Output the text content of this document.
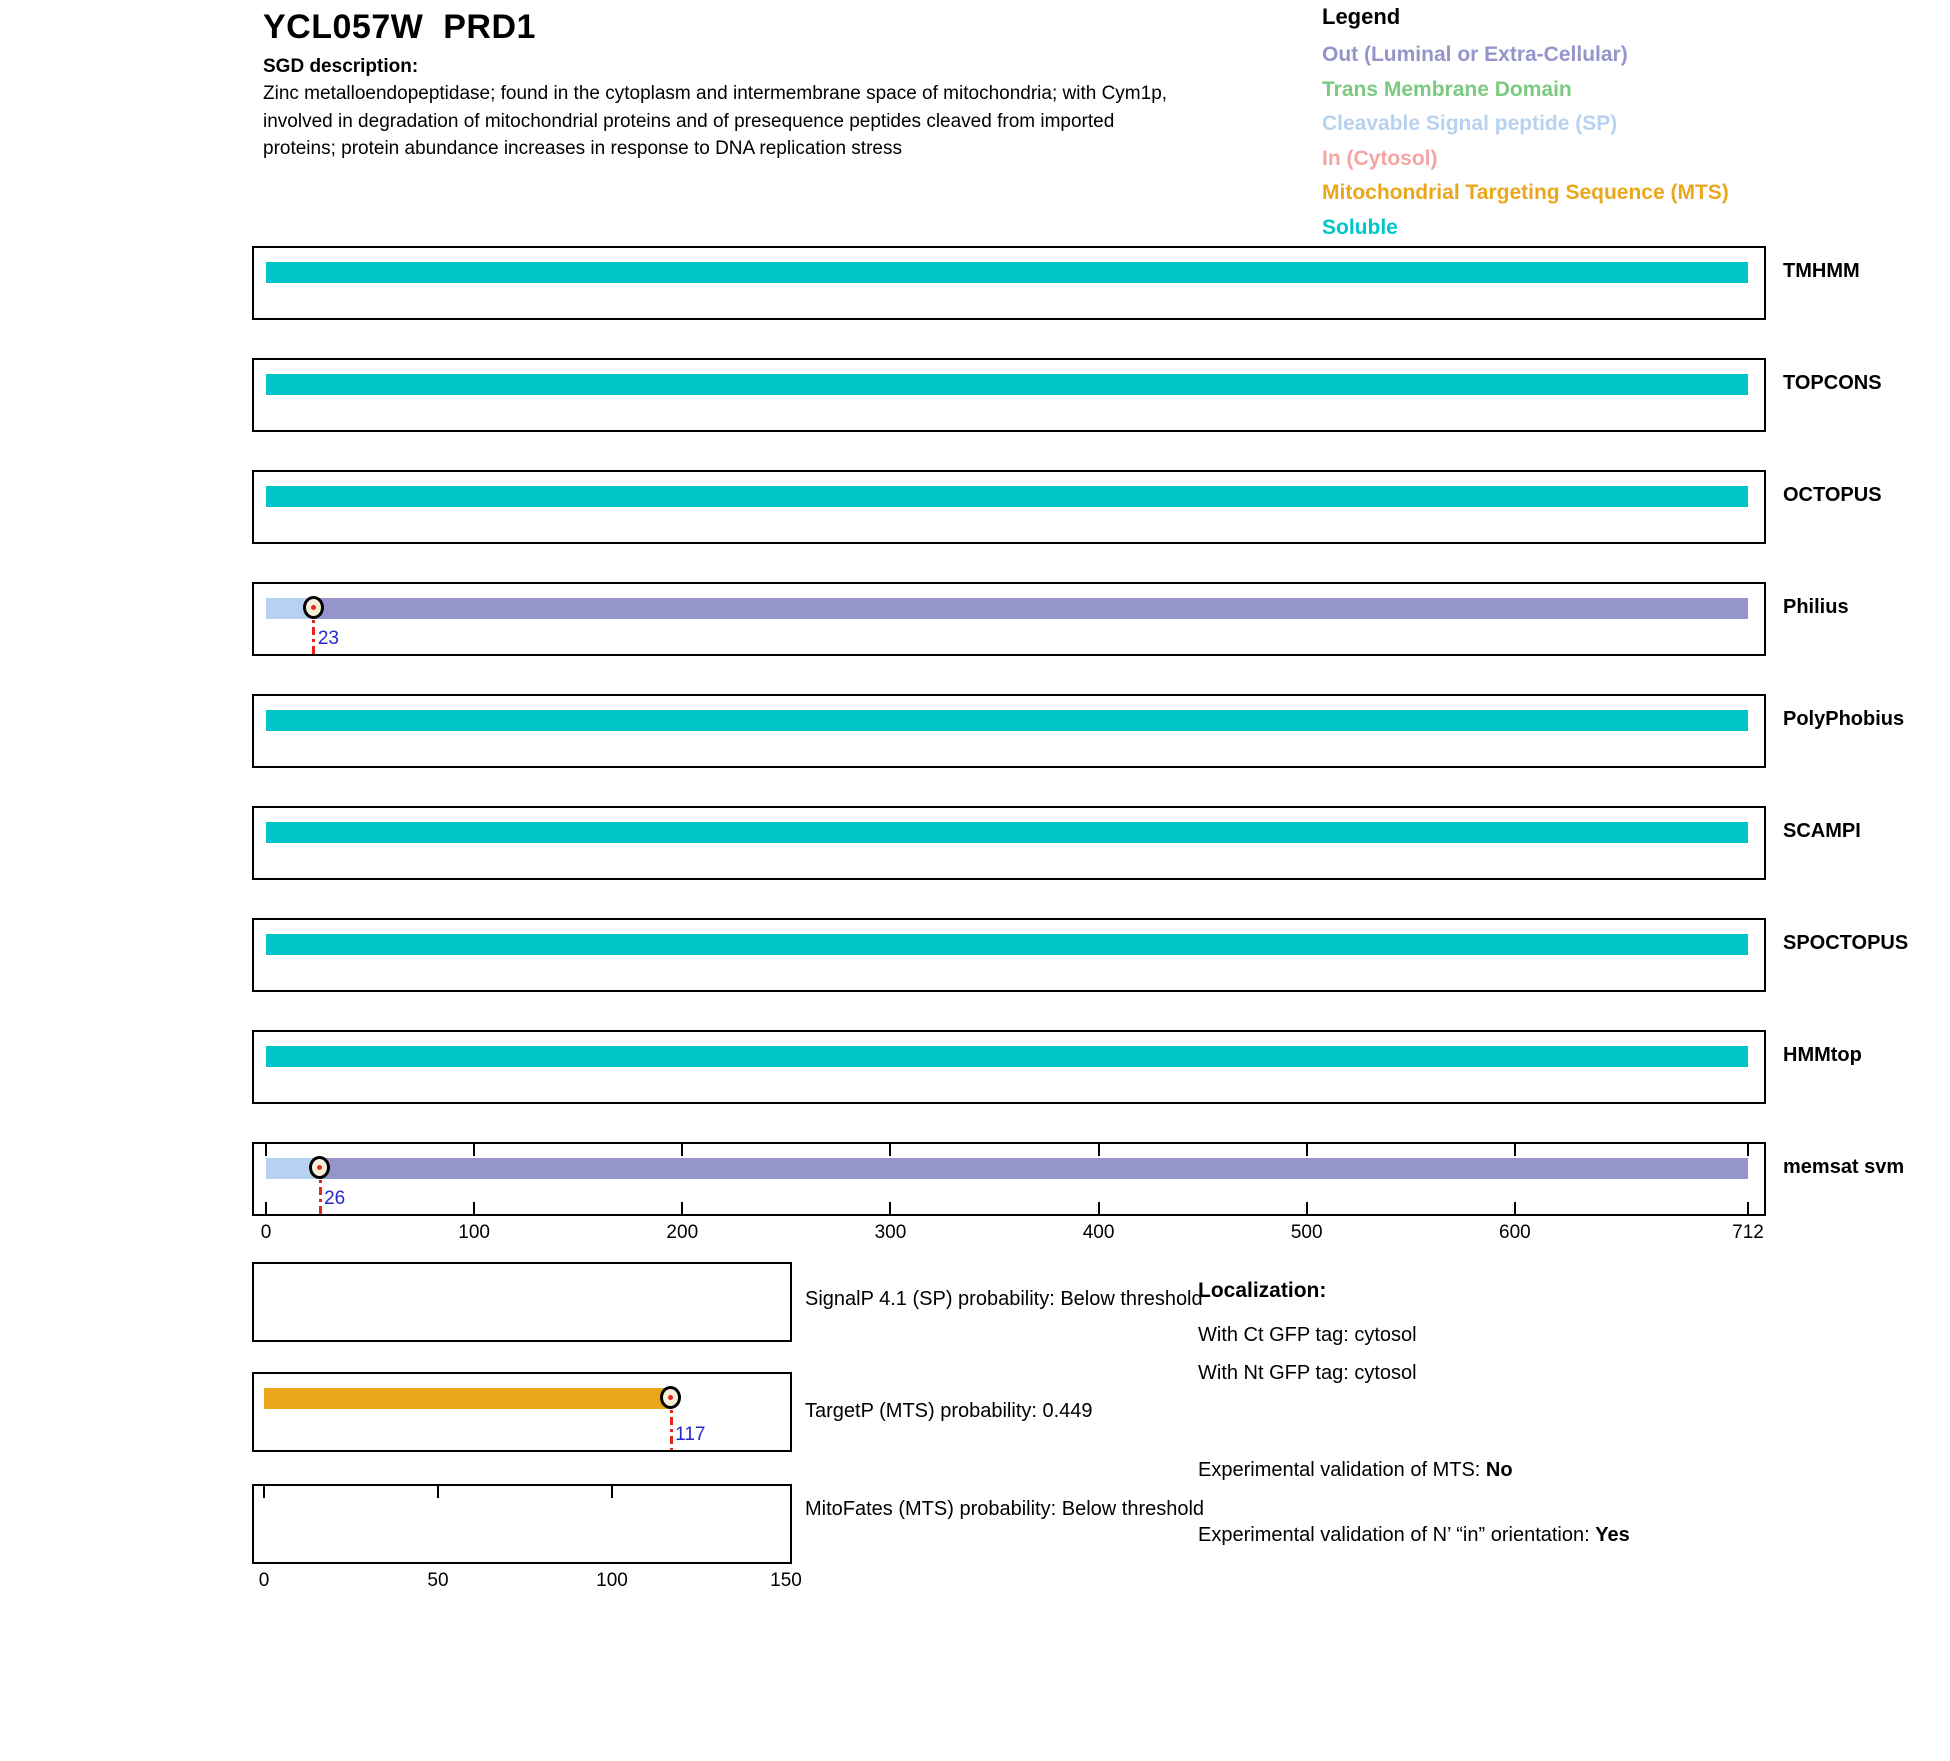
YCL057W  PRD1
SGD description:
Zinc metalloendopeptidase; found in the cytoplasm and intermembrane space of mitochondria; with Cym1p,
involved in degradation of mitochondrial proteins and of presequence peptides cleaved from imported
proteins; protein abundance increases in response to DNA replication stress
Legend
Out (Luminal or Extra-Cellular)
Trans Membrane Domain
Cleavable Signal peptide (SP)
In (Cytosol)
Mitochondrial Targeting Sequence (MTS)
Soluble
TMHMM
TOPCONS
OCTOPUS
23
Philius
PolyPhobius
SCAMPI
SPOCTOPUS
HMMtop
26
memsat svm
0	100	200	300	400	500	600	712
117
0	50	100	150
SignalP 4.1 (SP) probability: Below threshold
TargetP (MTS) probability: 0.449
MitoFates (MTS) probability: Below threshold
Localization:
With Ct GFP tag: cytosol
With Nt GFP tag: cytosol
Experimental validation of MTS: No
Experimental validation of N’ “in” orientation: Yes
